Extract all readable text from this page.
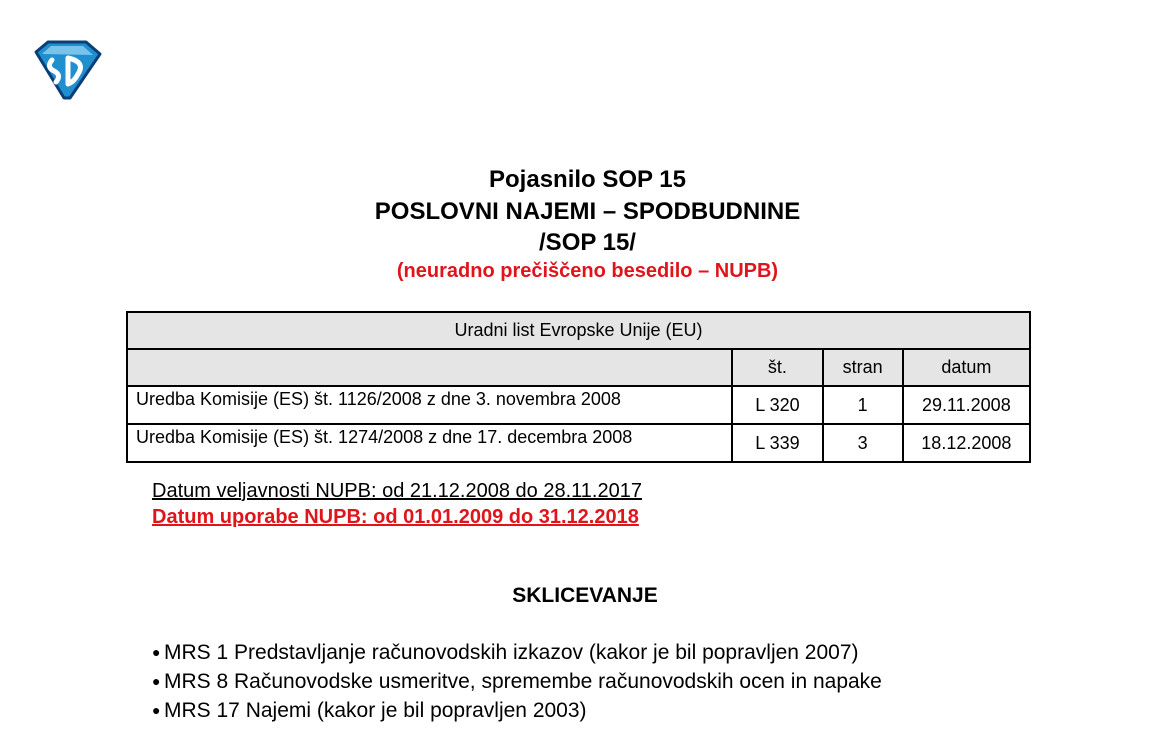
Pojasnilo SOP 15
POSLOVNI NAJEMI – SPODBUDNINE
/SOP 15/
(neuradno prečiščeno besedilo – NUPB)
Uradni list Evropske Unije (EU)			
	št.	stran	datum
Uredba Komisije (ES) št. 1126/2008 z dne 3. novembra 2008	L 320	1	29.11.2008
Uredba Komisije (ES) št. 1274/2008 z dne 17. decembra 2008	L 339	3	18.12.2008
Datum veljavnosti NUPB: od 21.12.2008 do 28.11.2017
Datum uporabe NUPB: od 01.01.2009 do 31.12.2018
SKLICEVANJE
● MRS 1 Predstavljanje računovodskih izkazov (kakor je bil popravljen 2007)
● MRS 8 Računovodske usmeritve, spremembe računovodskih ocen in napake
● MRS 17 Najemi (kakor je bil popravljen 2003)
